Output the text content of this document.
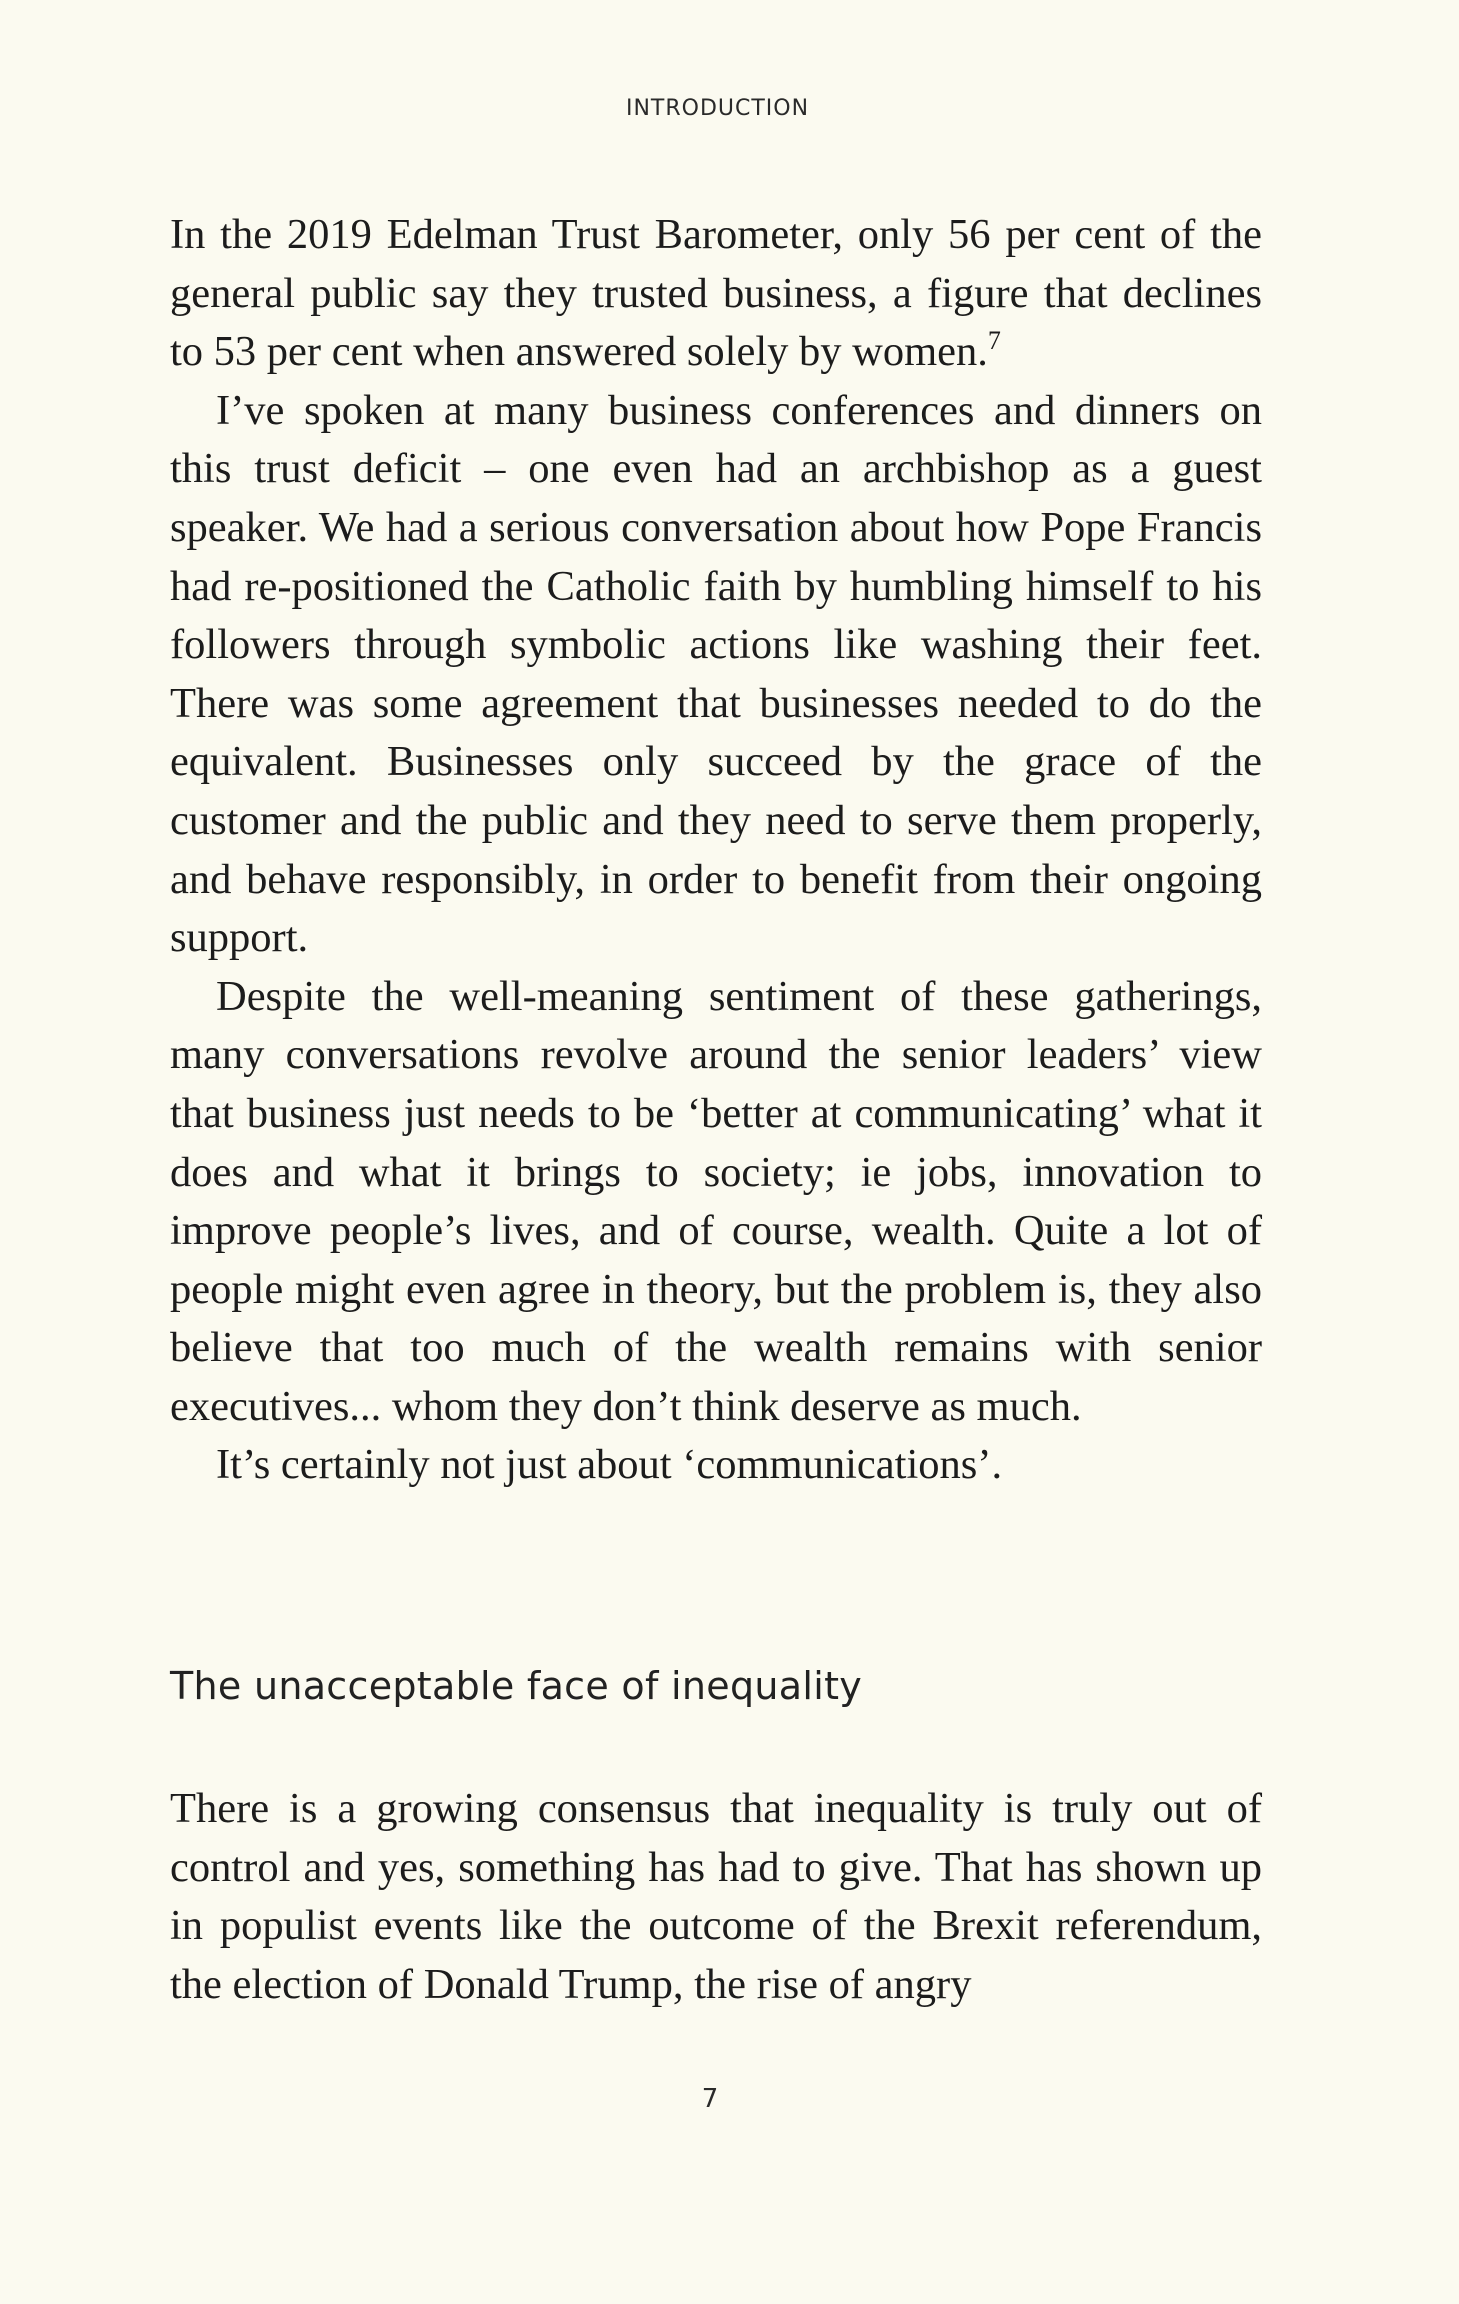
INTRODUCTION

In the 2019 Edelman Trust Barometer, only 56 per cent of the general public say they trusted business, a figure that declines to 53 per cent when answered solely by women.$^7$

I’ve spoken at many business conferences and dinners on this trust deficit – one even had an archbishop as a guest speaker. We had a serious conversation about how Pope Francis had re-positioned the Catholic faith by humbling himself to his followers through symbolic actions like washing their feet. There was some agreement that businesses needed to do the equivalent. Businesses only succeed by the grace of the customer and the public and they need to serve them properly, and behave responsibly, in order to benefit from their ongoing support.

Despite the well-meaning sentiment of these gatherings, many conversations revolve around the senior leaders’ view that business just needs to be ‘better at communicating’ what it does and what it brings to society; ie jobs, innovation to improve people’s lives, and of course, wealth. Quite a lot of people might even agree in theory, but the problem is, they also believe that too much of the wealth remains with senior executives... whom they don’t think deserve as much.

It’s certainly not just about ‘communications’.

The unacceptable face of inequality

There is a growing consensus that inequality is truly out of control and yes, something has had to give. That has shown up in populist events like the outcome of the Brexit referendum, the election of Donald Trump, the rise of angry

7
